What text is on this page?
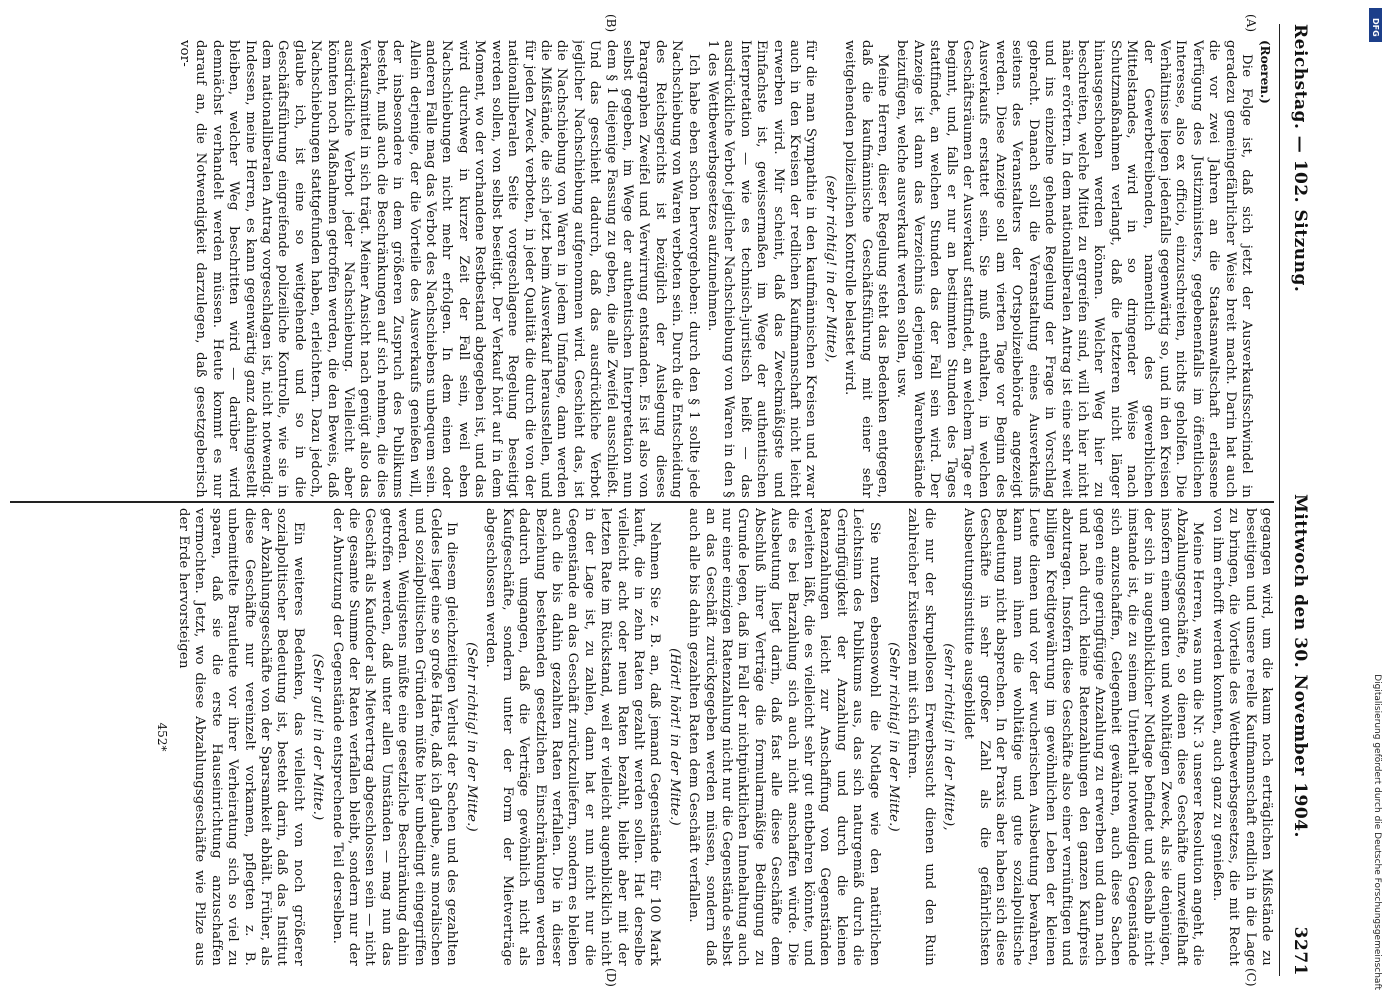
Reichstag. — 102. Sitzung.
Mittwoch den 30. November 1904.
3271
(A)
(B)
(C)
(D)
(Roeren.)

Die Folge ist, daß sich jetzt der Ausverkaufsschwindel in geradezu gemeingefährlicher Weise breit macht. Darin hat auch die vor zwei Jahren an die Staatsanwaltschaft erlassene Verfügung des Justizministers, gegebenenfalls im öffentlichen Interesse, also ex officio, einzuschreiten, nichts geholfen. Die Verhältnisse liegen jedenfalls gegenwärtig so, und in den Kreisen der Gewerbetreibenden, namentlich des gewerblichen Mittelstandes, wird in so dringender Weise nach Schutzmaßnahmen verlangt, daß die letzteren nicht länger hinausgeschoben werden können. Welcher Weg hier zu beschreiten, welche Mittel zu ergreifen sind, will ich hier nicht näher erörtern. In dem nationalliberalen Antrag ist eine sehr weit und ins einzelne gehende Regelung der Frage in Vorschlag gebracht. Danach soll die Veranstaltung eines Ausverkaufs seitens des Veranstalters der Ortspolizeibehörde angezeigt werden. Diese Anzeige soll am vierten Tage vor Beginn des Ausverkaufs erstattet sein. Sie muß enthalten, in welchen Geschäftsräumen der Ausverkauf stattfindet, an welchem Tage er beginnt, und, falls er nur an bestimmten Stunden des Tages stattfindet, an welchen Stunden das der Fall sein wird. Der Anzeige ist dann das Verzeichnis derjenigen Warenbestände beizufügen, welche ausverkauft werden sollen, usw.

Meine Herren, dieser Regelung steht das Bedenken entgegen, daß die kaufmännische Geschäftsführung mit einer sehr weitgehenden polizeilichen Kontrolle belastet wird.

(sehr richtig! in der Mitte),

für die man Sympathie in den kaufmännischen Kreisen und zwar auch in den Kreisen der redlichen Kaufmannschaft nicht leicht erwerben wird. Mir scheint, daß das Zweckmäßigste und Einfachste ist, gewissermaßen im Wege der authentischen Interpretation — wie es technisch-juristisch heißt — das ausdrückliche Verbot jeglicher Nachschiebung von Waren in den § 1 des Wettbewerbsgesetzes aufzunehmen.

Ich habe eben schon hervorgehoben: durch den § 1 sollte jede Nachschiebung von Waren verboten sein. Durch die Entscheidung des Reichsgerichts ist bezüglich der Auslegung dieses Paragraphen Zweifel und Verwirrung entstanden. Es ist also von selbst gegeben, im Wege der authentischen Interpretation nun dem § 1 diejenige Fassung zu geben, die alle Zweifel ausschließt. Und das geschieht dadurch, daß das ausdrückliche Verbot jeglicher Nachschiebung aufgenommen wird. Geschieht das, ist die Nachschiebung von Waren in jedem Umfange, dann werden die Mißstände, die sich jetzt beim Ausverkauf herausstellen, und für jeden Zweck verboten, in jeder Qualität die durch die von der nationalliberalen Seite vorgeschlagene Regelung beseitigt werden sollen, von selbst beseitigt. Der Verkauf hört auf in dem Moment, wo der vorhandene Restbestand abgegeben ist, und das wird durchweg in kurzer Zeit der Fall sein, weil eben Nachschiebungen nicht mehr erfolgen. In dem einen oder anderen Falle mag das Verbot des Nachschiebens unbequem sein. Allein derjenige, der die Vorteile des Ausverkaufs genießen will, der insbesondere in dem größeren Zuspruch des Publikums besteht, muß auch die Beschränkungen auf sich nehmen, die dies Verkaufsmittel in sich trägt. Meiner Ansicht nach genügt also das ausdrückliche Verbot jeder Nachschiebung. Vielleicht aber könnten noch Maßnahmen getroffen werden, die den Beweis, daß Nachschiebungen stattgefunden haben, erleichtern. Dazu jedoch, glaube ich, ist eine so weitgehende und so in die Geschäftsführung eingreifende polizeiliche Kontrolle, wie sie in dem nationalliberalen Antrag vorgeschlagen ist, nicht notwendig. Indessen, meine Herren, es kann gegenwärtig ganz dahingestellt bleiben, welcher Weg beschritten wird — darüber wird demnächst verhandelt werden müssen. Heute kommt es nur darauf an, die Notwendigkeit darzulegen, daß gesetzgeberisch vor-

gegangen wird, um die kaum noch erträglichen Mißstände zu beseitigen und unsere reelle Kaufmannschaft endlich in die Lage zu bringen, die Vorteile des Wettbewerbsgesetzes, die mit Recht von ihm erhofft werden konnten, auch ganz zu genießen.

Meine Herren, was nun die Nr. 3 unserer Resolution angeht, die Abzahlungsgeschäfte, so dienen diese Geschäfte unzweifelhaft insofern einem guten und wohltätigen Zweck, als sie denjenigen, der sich in augenblicklicher Notlage befindet und deshalb nicht imstande ist, die zu seinem Unterhalt notwendigen Gegenstände sich anzuschaffen, Gelegenheit gewähren, auch diese Sachen gegen eine geringfügige Anzahlung zu erwerben und dann nach und nach durch kleine Ratenzahlungen den ganzen Kaufpreis abzutragen. Insofern diese Geschäfte also einer vernünftigen und billigen Kreditgewährung im gewöhnlichen Leben der kleinen Leute dienen und vor der wucherischen Ausbeutung bewahren, kann man ihnen die wohltätige und gute sozialpolitische Bedeutung nicht absprechen. In der Praxis aber haben sich diese Geschäfte in sehr großer Zahl als die gefährlichsten Ausbeutungsinstitute ausgebildet

(sehr richtig! in der Mitte),

die nur der skrupellosen Erwerbssucht dienen und den Ruin zahlreicher Existenzen mit sich führen.

(Sehr richtig! in der Mitte.)

Sie nutzen ebensowohl die Notlage wie den natürlichen Leichtsinn des Publikums aus, das sich naturgemäß durch die Geringfügigkeit der Anzahlung und durch die kleinen Ratenzahlungen leicht zur Anschaffung von Gegenständen verleiten läßt, die es vielleicht sehr gut entbehren könnte, und die es bei Barzahlung sich auch nicht anschaffen würde. Die Ausbeutung liegt darin, daß fast alle diese Geschäfte dem Abschluß ihrer Verträge die formularmäßige Bedingung zu Grunde legen, daß im Fall der nichtpünktlichen Innehaltung auch nur einer einzigen Ratenzahlung nicht nur die Gegenstände selbst an das Geschäft zurückgegeben werden müssen, sondern daß auch alle bis dahin gezahlten Raten dem Geschäft verfallen.

(Hört! hört! in der Mitte.)

Nehmen Sie z. B. an, daß jemand Gegenstände für 100 Mark kauft, die in zehn Raten gezahlt werden sollen. Hat derselbe vielleicht acht oder neun Raten bezahlt, bleibt aber mit der letzten Rate im Rückstand, weil er vielleicht augenblicklich nicht in der Lage ist, zu zahlen, dann hat er nun nicht nur die Gegenstände an das Geschäft zurückzuliefern, sondern es bleiben auch die bis dahin gezahlten Raten verfallen. Die in dieser Beziehung bestehenden gesetzlichen Einschränkungen werden dadurch umgangen, daß die Verträge gewöhnlich nicht als Kaufgeschäfte, sondern unter der Form der Mietverträge abgeschlossen werden.

(Sehr richtig! in der Mitte.)

In diesem gleichzeitigen Verlust der Sachen und des gezahlten Geldes liegt eine so große Härte, daß ich glaube, aus moralischen und sozialpolitischen Gründen müßte hier unbedingt eingegriffen werden. Wenigstens müßte eine gesetzliche Beschränkung dahin getroffen werden, daß unter allen Umständen — mag nun das Geschäft als Kaufoder als Mietvertrag abgeschlossen sein — nicht die gesamte Summe der Raten verfallen bleibt, sondern nur der der Abnutzung der Gegenstände entsprechende Teil derselben.

(Sehr gut! in der Mitte.)

Ein weiteres Bedenken, das vielleicht von noch größerer sozialpolitischer Bedeutung ist, besteht darin, daß das Institut der Abzahlungsgeschäfte von der Sparsamkeit abhält. Früher, als diese Geschäfte nur vereinzelt vorkamen, pflegten z. B. unbemittelte Brautleute vor ihrer Verheiratung sich so viel zu sparen, daß sie die erste Hauseinrichtung anzuschaffen vermochten. Jetzt, wo diese Abzahlungsgeschäfte wie Pilze aus der Erde hervorsteigen

452*
DFG
Digitalisierung gefördert durch die Deutsche Forschungsgemeinschaft
